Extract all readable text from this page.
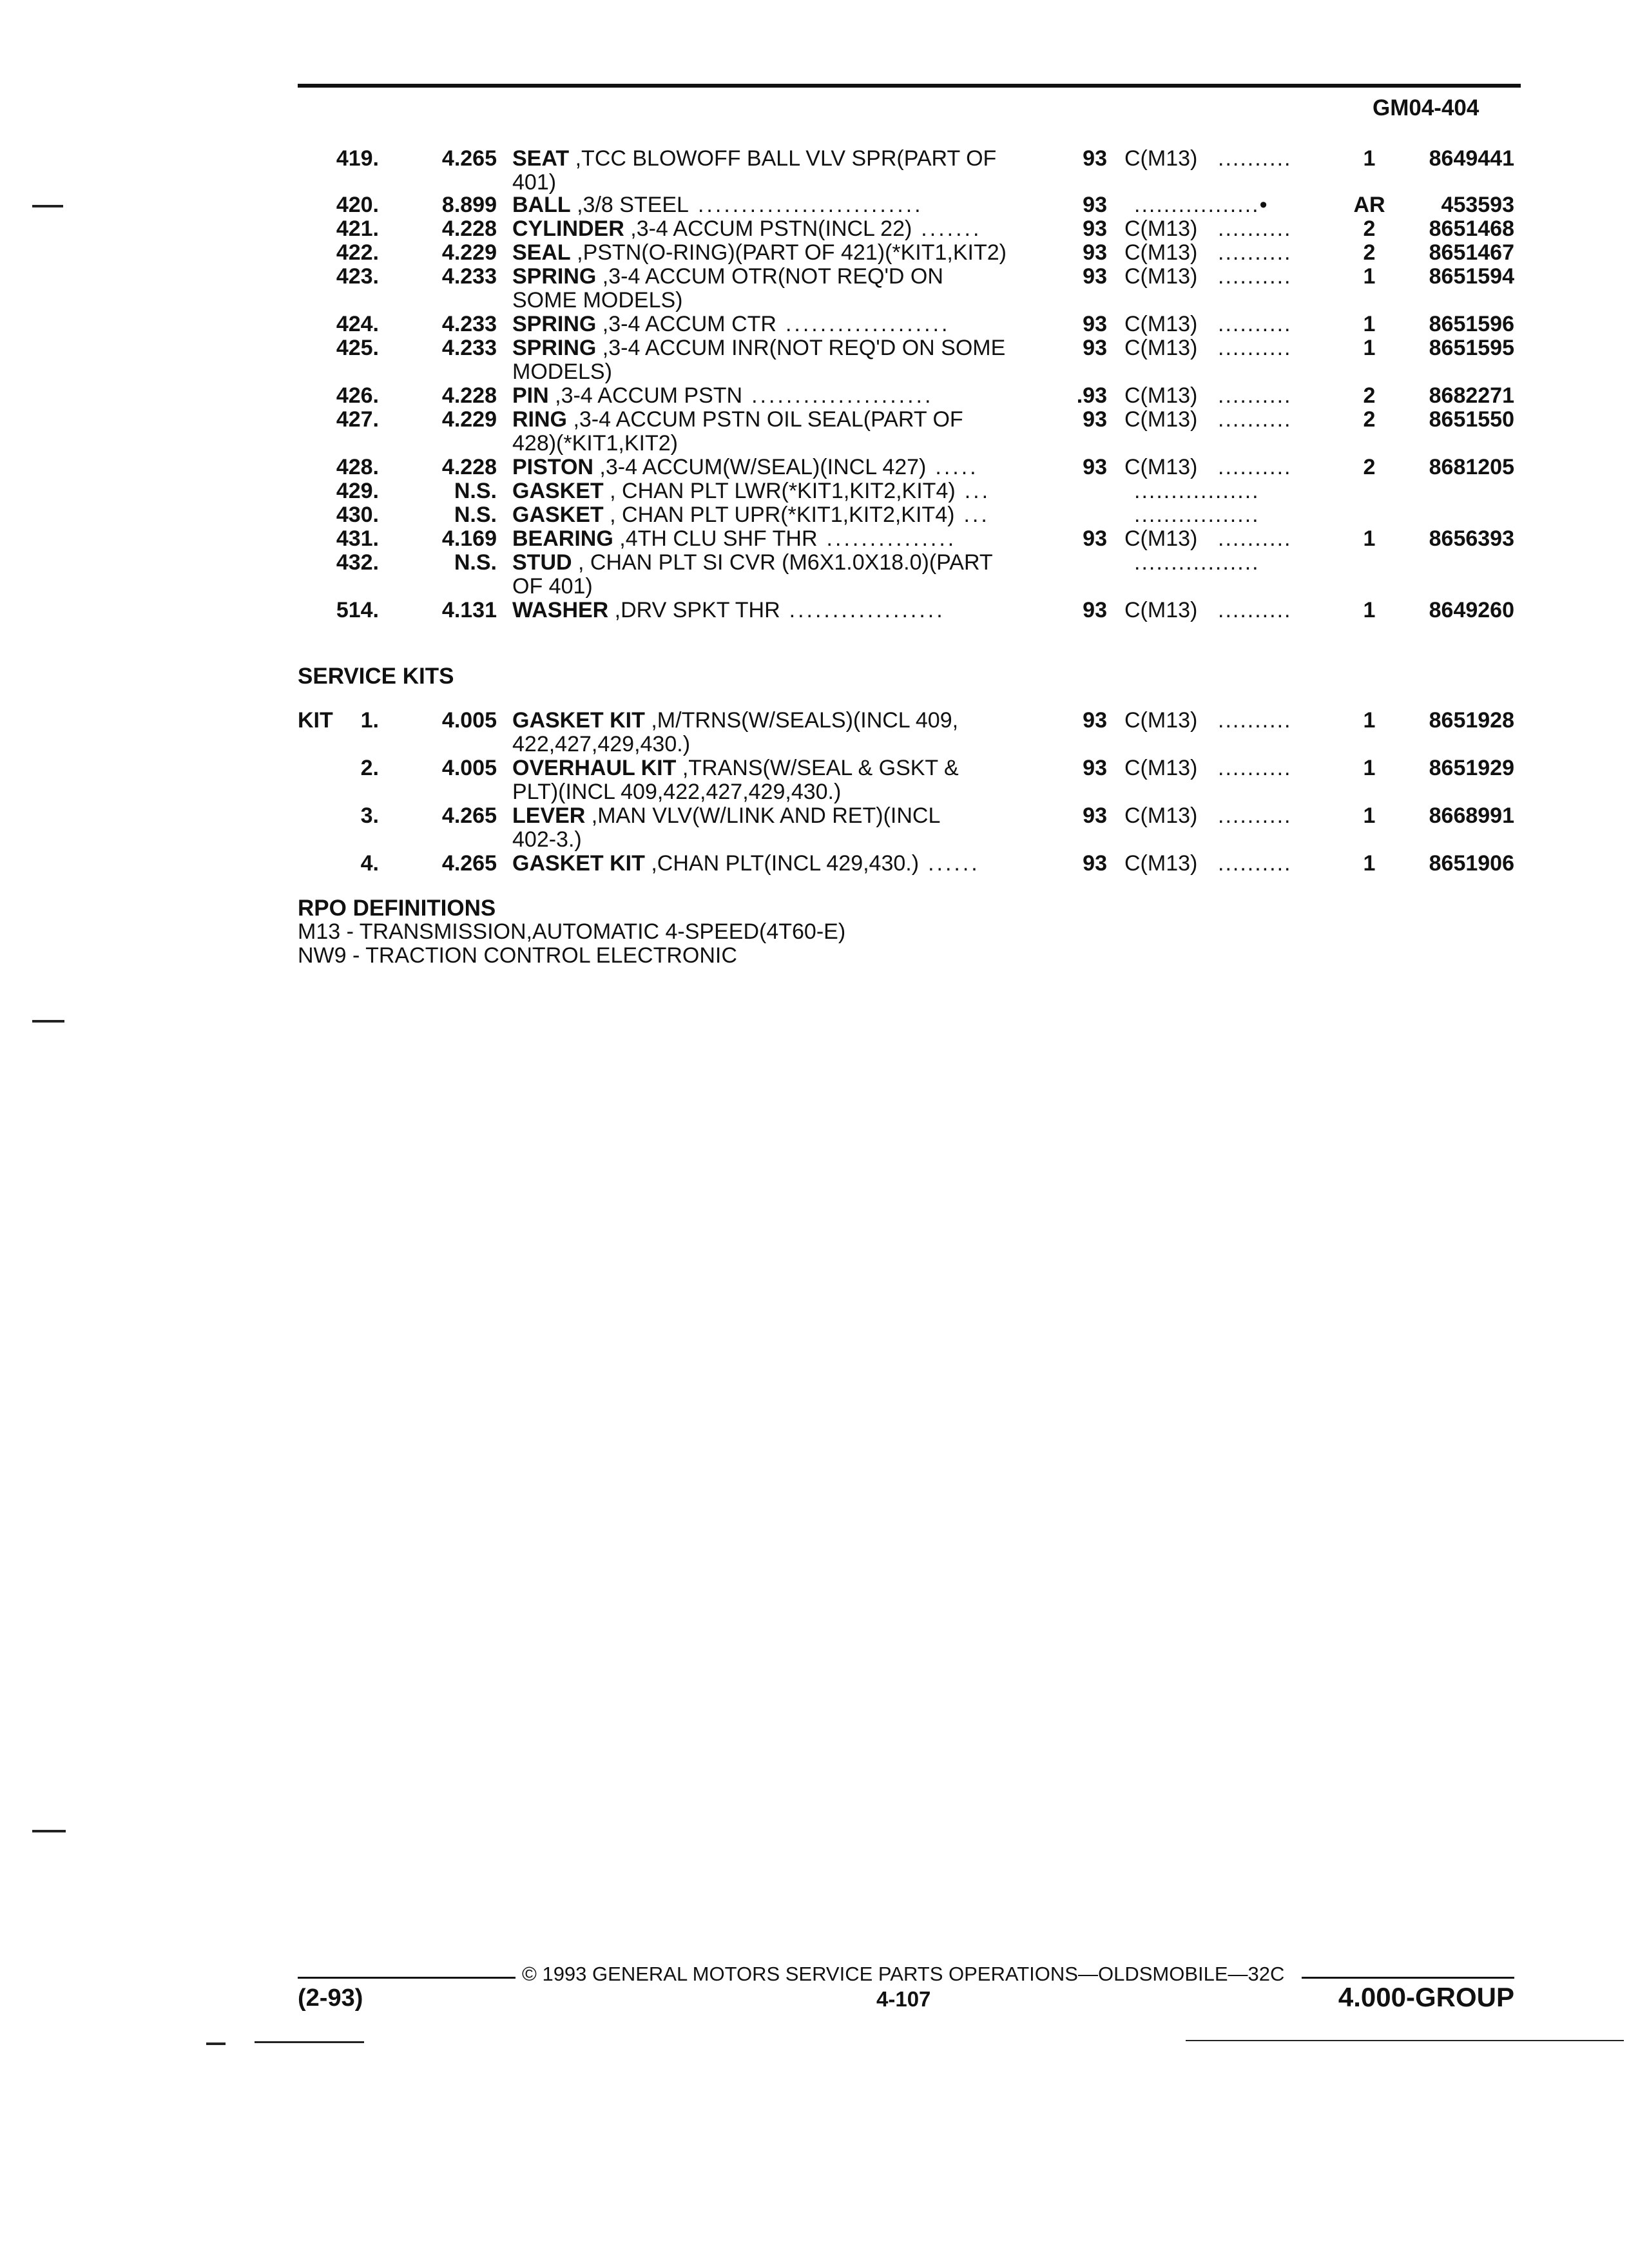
GM04-404
419.	4.265 SEAT ,TCC BLOWOFF BALL VLV SPR(PART OF
401)
93 C(M13) ..........	1	8649441
420.	8.899 BALL ,3/8 STEEL ..........................	93 .................•	AR	453593
421.	4.228 CYLINDER ,3-4 ACCUM PSTN(INCL 22) .......	93 C(M13) ..........	2	8651468
422.	4.229 SEAL ,PSTN(O-RING)(PART OF 421)(*KIT1,KIT2)	93 C(M13) ..........	2	8651467
423.	4.233 SPRING ,3-4 ACCUM OTR(NOT REQ'D ON
SOME MODELS)
93 C(M13) ..........	1	8651594
424.	4.233 SPRING ,3-4 ACCUM CTR ...................	93 C(M13) ..........	1	8651596
425.	4.233 SPRING ,3-4 ACCUM INR(NOT REQ'D ON SOME
MODELS)
93 C(M13) ..........	1	8651595
426.	4.228 PIN ,3-4 ACCUM PSTN .....................	.93 C(M13) ..........	2	8682271
427.	4.229 RING ,3-4 ACCUM PSTN OIL SEAL(PART OF
428)(*KIT1,KIT2)
93 C(M13) ..........	2	8651550
428.	4.228 PISTON ,3-4 ACCUM(W/SEAL)(INCL 427) .....	93 C(M13) ..........	2	8681205
429.	N.S. GASKET , CHAN PLT LWR(*KIT1,KIT2,KIT4) ...	.................
430.	N.S. GASKET , CHAN PLT UPR(*KIT1,KIT2,KIT4) ...	.................
431.	4.169 BEARING ,4TH CLU SHF THR ...............	93 C(M13) ..........	1	8656393
432.	N.S. STUD , CHAN PLT SI CVR (M6X1.0X18.0)(PART
OF 401)
.................
514.	4.131 WASHER ,DRV SPKT THR ..................	93 C(M13) ..........	1	8649260
SERVICE KITS
KIT 1.	4.005 GASKET KIT ,M/TRNS(W/SEALS)(INCL 409,
422,427,429,430.)
93 C(M13) ..........	1	8651928
2.	4.005 OVERHAUL KIT ,TRANS(W/SEAL & GSKT &
PLT)(INCL 409,422,427,429,430.)
93 C(M13) ..........	1	8651929
3.	4.265 LEVER ,MAN VLV(W/LINK AND RET)(INCL
402-3.)
93 C(M13) ..........	1	8668991
4.	4.265 GASKET KIT ,CHAN PLT(INCL 429,430.) ......	93 C(M13) ..........	1	8651906
RPO DEFINITIONS
M13 - TRANSMISSION,AUTOMATIC 4-SPEED(4T60-E)
NW9 - TRACTION CONTROL ELECTRONIC
© 1993 GENERAL MOTORS SERVICE PARTS OPERATIONS—OLDSMOBILE—32C
(2-93)	4-107	4.000-GROUP
